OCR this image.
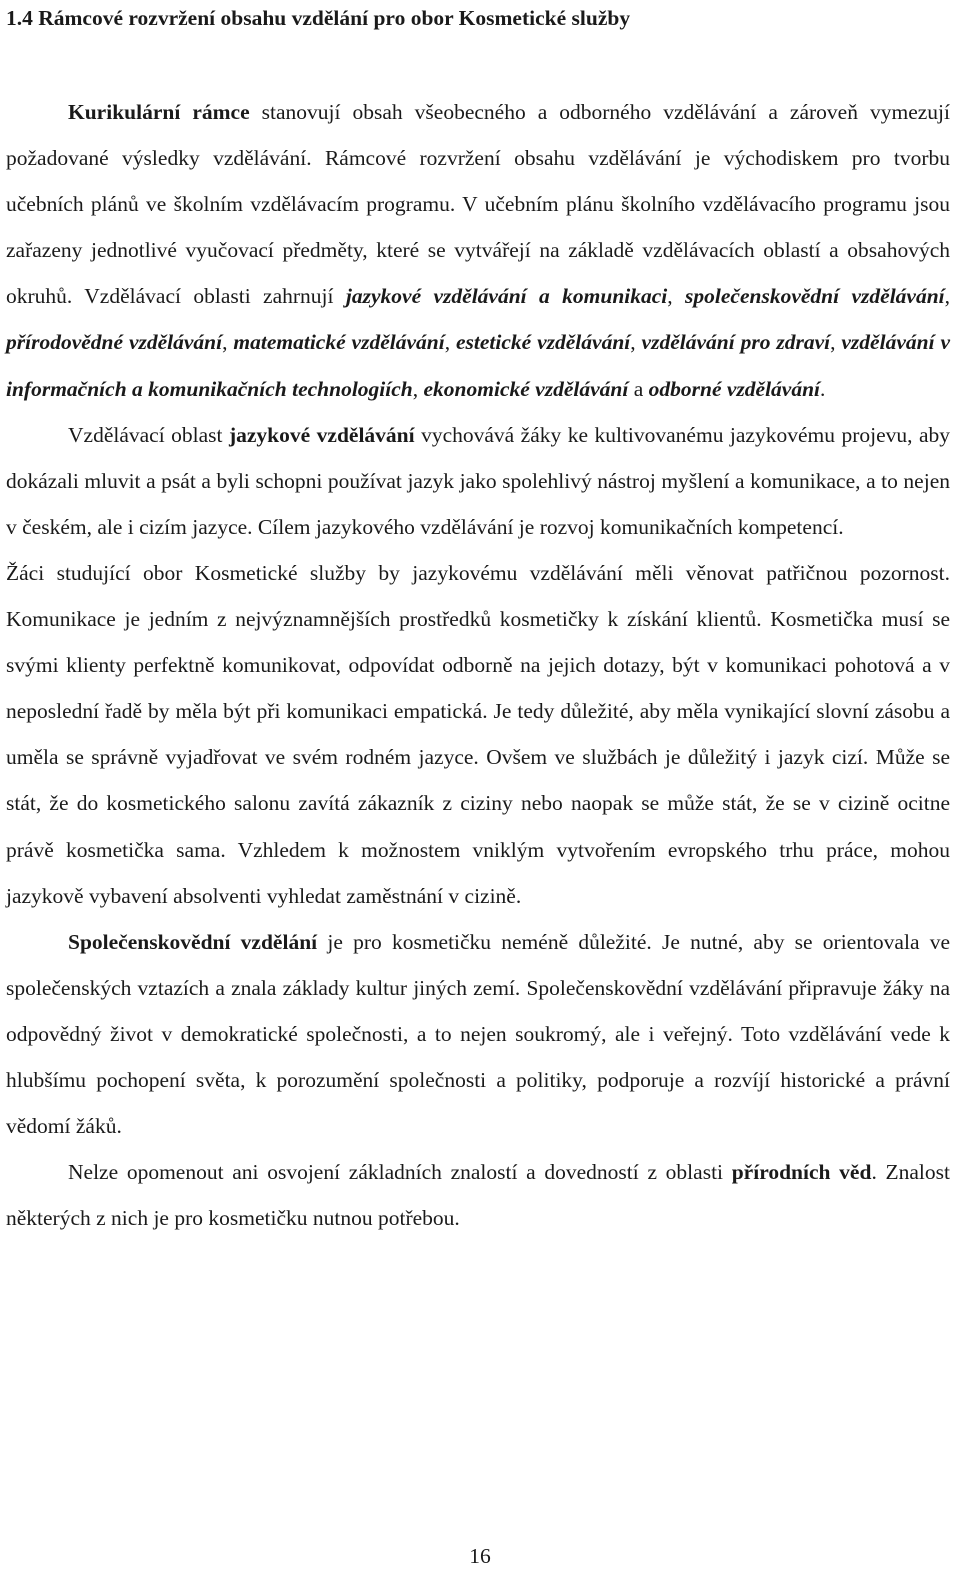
1.4 Rámcové rozvržení obsahu vzdělání pro obor Kosmetické služby

Kurikulární rámce stanovují obsah všeobecného a odborného vzdělávání a zároveň vymezují požadované výsledky vzdělávání. Rámcové rozvržení obsahu vzdělávání je východiskem pro tvorbu učebních plánů ve školním vzdělávacím programu. V učebním plánu školního vzdělávacího programu jsou zařazeny jednotlivé vyučovací předměty, které se vytvářejí na základě vzdělávacích oblastí a obsahových okruhů. Vzdělávací oblasti zahrnují jazykové vzdělávání a komunikaci, společenskovědní vzdělávání, přírodovědné vzdělávání, matematické vzdělávání, estetické vzdělávání, vzdělávání pro zdraví, vzdělávání v informačních a komunikačních technologiích, ekonomické vzdělávání a odborné vzdělávání.

Vzdělávací oblast jazykové vzdělávání vychovává žáky ke kultivovanému jazykovému projevu, aby dokázali mluvit a psát a byli schopni používat jazyk jako spolehlivý nástroj myšlení a komunikace, a to nejen v českém, ale i cizím jazyce. Cílem jazykového vzdělávání je rozvoj komunikačních kompetencí.

Žáci studující obor Kosmetické služby by jazykovému vzdělávání měli věnovat patřičnou pozornost. Komunikace je jedním z nejvýznamnějších prostředků kosmetičky k získání klientů. Kosmetička musí se svými klienty perfektně komunikovat, odpovídat odborně na jejich dotazy, být v komunikaci pohotová a v neposlední řadě by měla být při komunikaci empatická. Je tedy důležité, aby měla vynikající slovní zásobu a uměla se správně vyjadřovat ve svém rodném jazyce. Ovšem ve službách je důležitý i jazyk cizí. Může se stát, že do kosmetického salonu zavítá zákazník z ciziny nebo naopak se může stát, že se v cizině ocitne právě kosmetička sama. Vzhledem k možnostem vniklým vytvořením evropského trhu práce, mohou jazykově vybavení absolventi vyhledat zaměstnání v cizině.

Společenskovědní vzdělání je pro kosmetičku neméně důležité. Je nutné, aby se orientovala ve společenských vztazích a znala základy kultur jiných zemí. Společenskovědní vzdělávání připravuje žáky na odpovědný život v demokratické společnosti, a to nejen soukromý, ale i veřejný. Toto vzdělávání vede k hlubšímu pochopení světa, k porozumění společnosti a politiky, podporuje a rozvíjí historické a právní vědomí žáků.

Nelze opomenout ani osvojení základních znalostí a dovedností z oblasti přírodních věd. Znalost některých z nich je pro kosmetičku nutnou potřebou.

16
